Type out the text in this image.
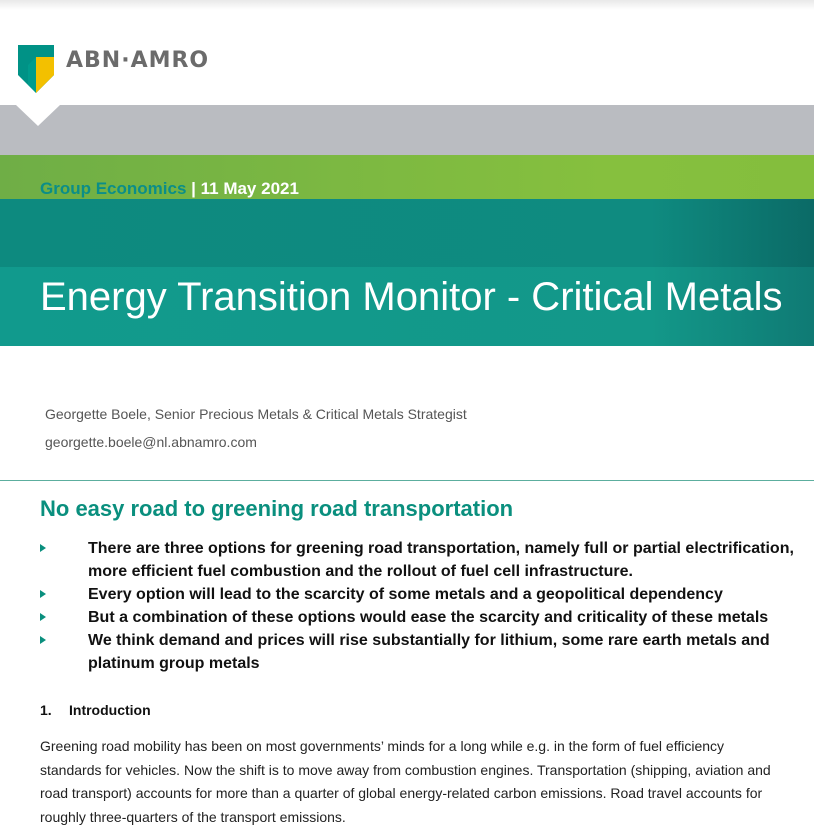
ABN·AMRO
Group Economics | 11 May 2021
Energy Transition Monitor - Critical Metals
Georgette Boele, Senior Precious Metals & Critical Metals Strategist
georgette.boele@nl.abnamro.com
No easy road to greening road transportation
There are three options for greening road transportation, namely full or partial electrification, more efficient fuel combustion and the rollout of fuel cell infrastructure.
Every option will lead to the scarcity of some metals and a geopolitical dependency
But a combination of these options would ease the scarcity and criticality of these metals
We think demand and prices will rise substantially for lithium, some rare earth metals and platinum group metals
1. Introduction

Greening road mobility has been on most governments’ minds for a long while e.g. in the form of fuel efficiency
standards for vehicles. Now the shift is to move away from combustion engines. Transportation (shipping, aviation and
road transport) accounts for more than a quarter of global energy-related carbon emissions. Road travel accounts for
roughly three-quarters of the transport emissions.
